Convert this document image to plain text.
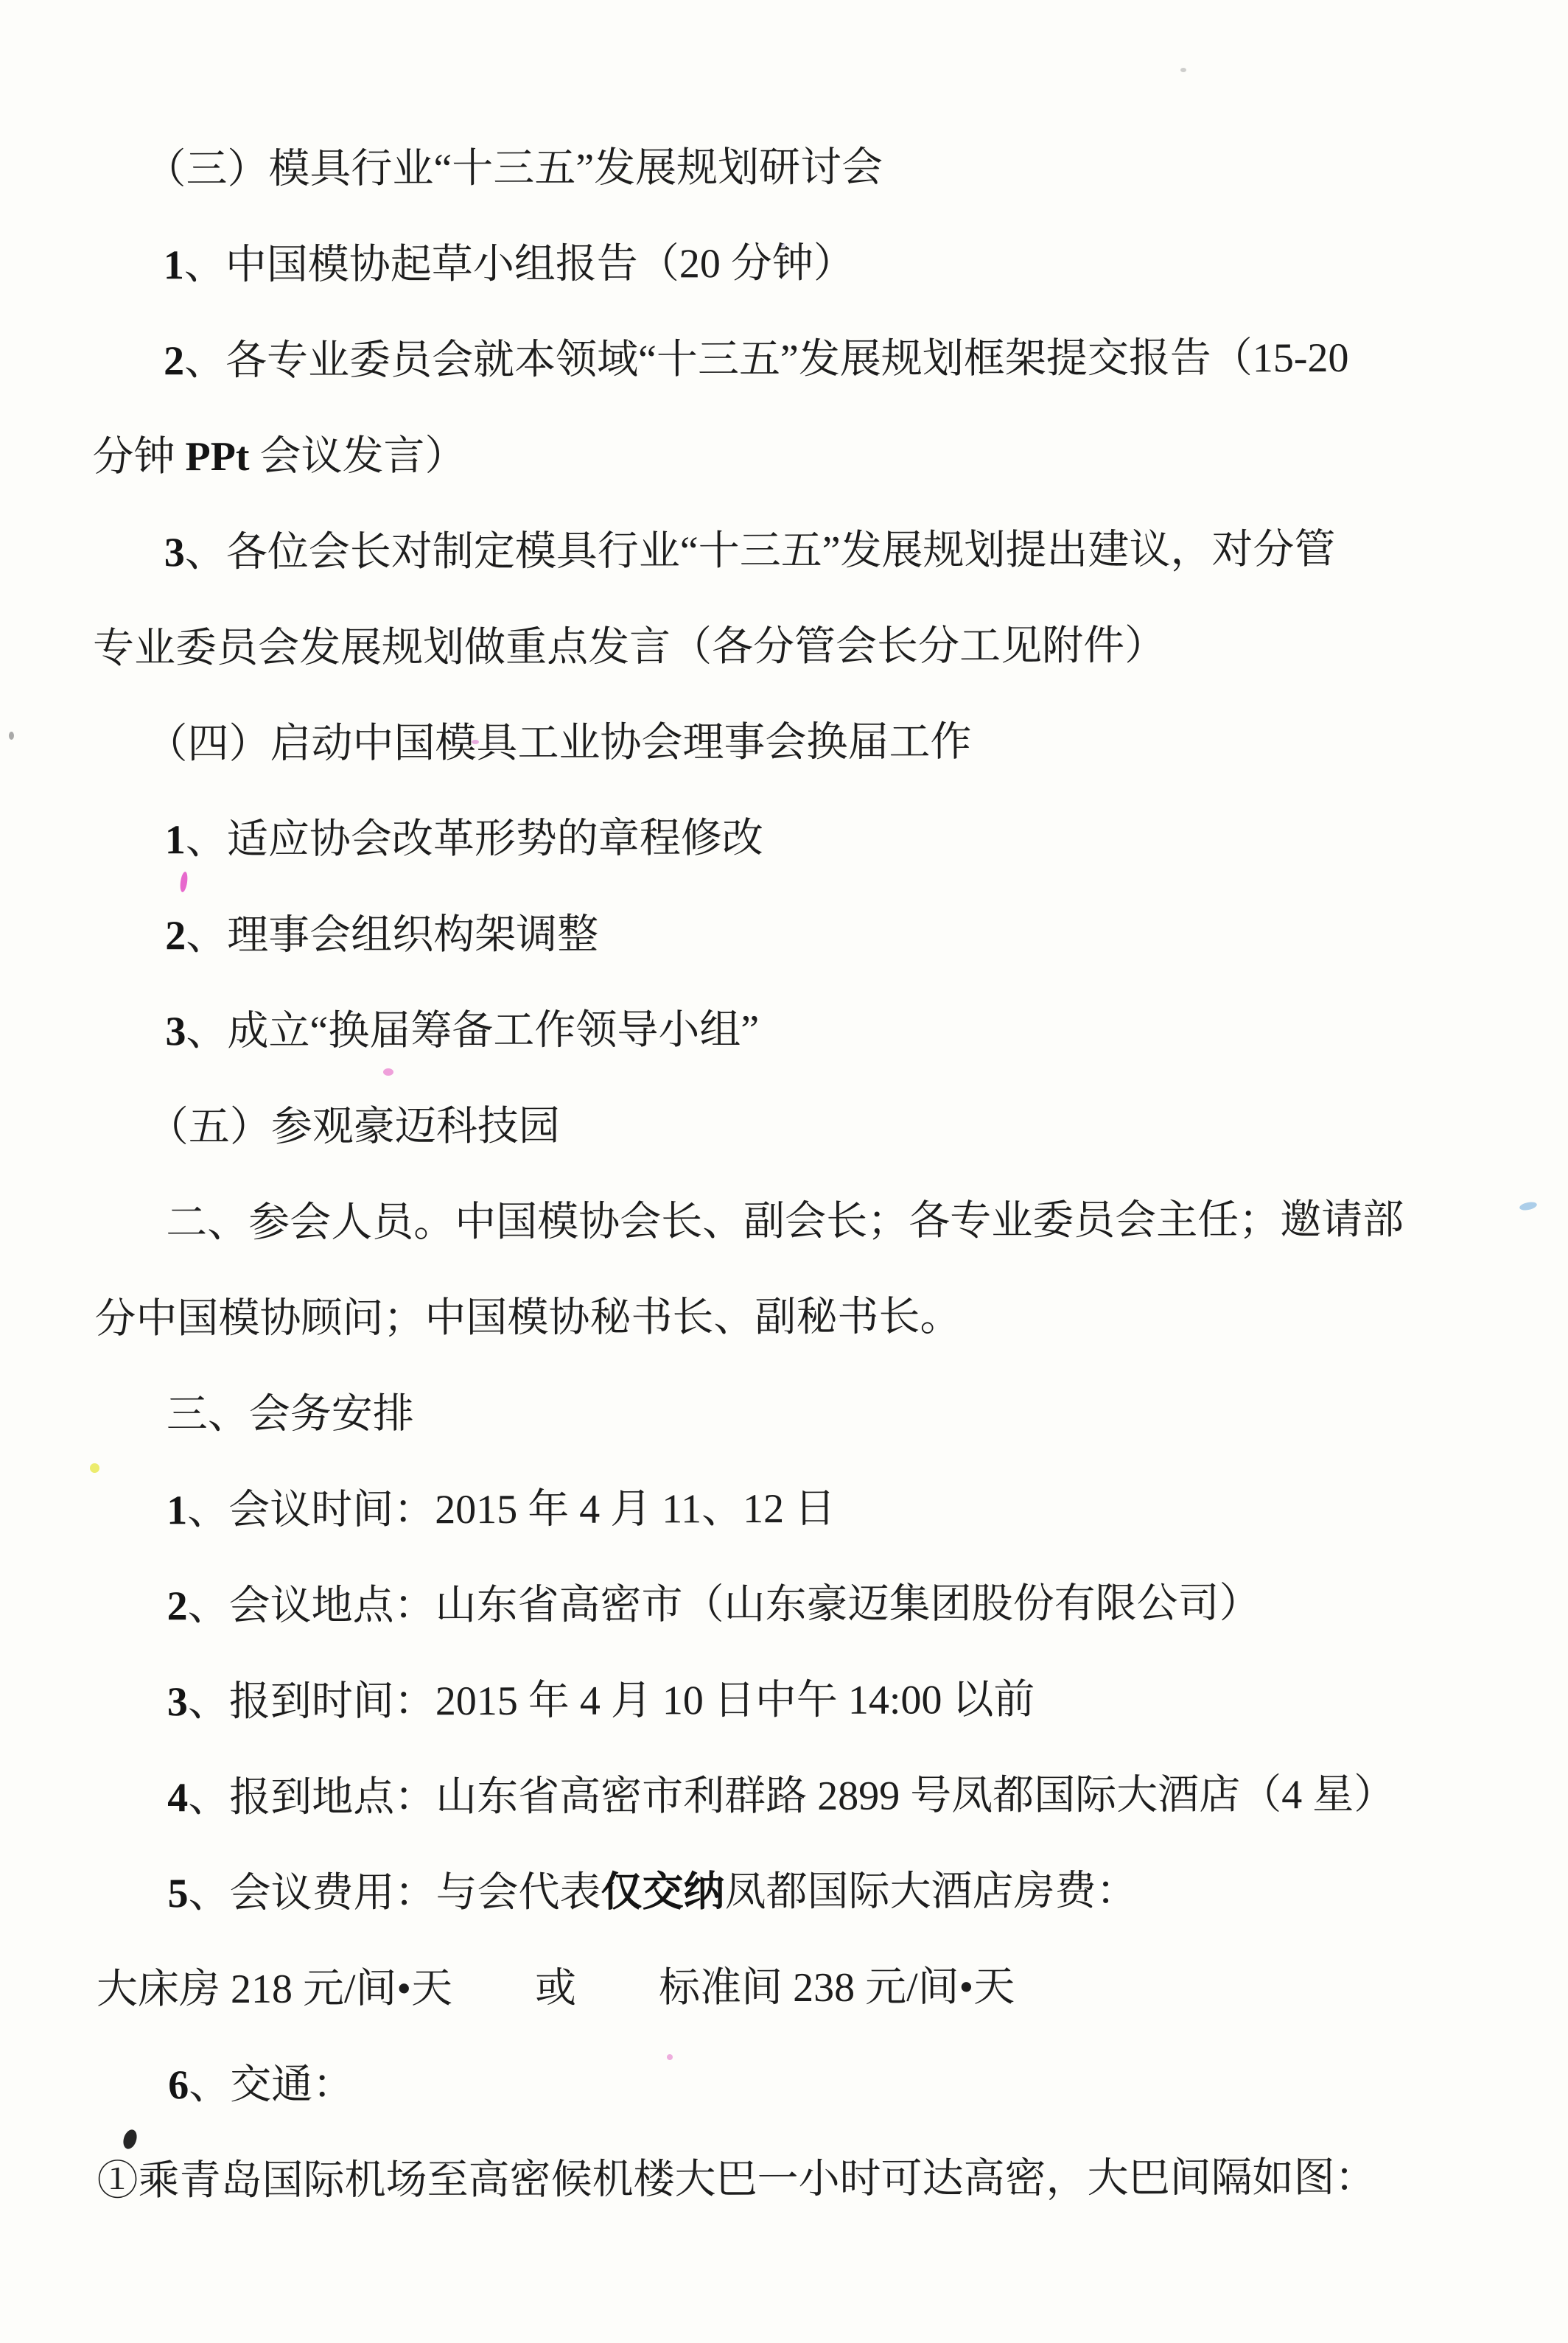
（三）模具行业“十三五”发展规划研讨会
1、中国模协起草小组报告（20 分钟）
2、各专业委员会就本领域“十三五”发展规划框架提交报告（15-20
分钟 PPt 会议发言）
3、各位会长对制定模具行业“十三五”发展规划提出建议，对分管
专业委员会发展规划做重点发言（各分管会长分工见附件）
（四）启动中国模具工业协会理事会换届工作
1、适应协会改革形势的章程修改
2、理事会组织构架调整
3、成立“换届筹备工作领导小组”
（五）参观豪迈科技园
二、参会人员。中国模协会长、副会长；各专业委员会主任；邀请部
分中国模协顾问；中国模协秘书长、副秘书长。
三、会务安排
1、会议时间：2015 年 4 月 11、12 日
2、会议地点：山东省高密市（山东豪迈集团股份有限公司）
3、报到时间：2015 年 4 月 10 日中午 14:00 以前
4、报到地点：山东省高密市利群路 2899 号凤都国际大酒店（4 星）
5、会议费用：与会代表仅交纳凤都国际大酒店房费：
大床房 218 元/间•天　　或　　标准间 238 元/间•天
6、交通：
①乘青岛国际机场至高密候机楼大巴一小时可达高密，大巴间隔如图：
